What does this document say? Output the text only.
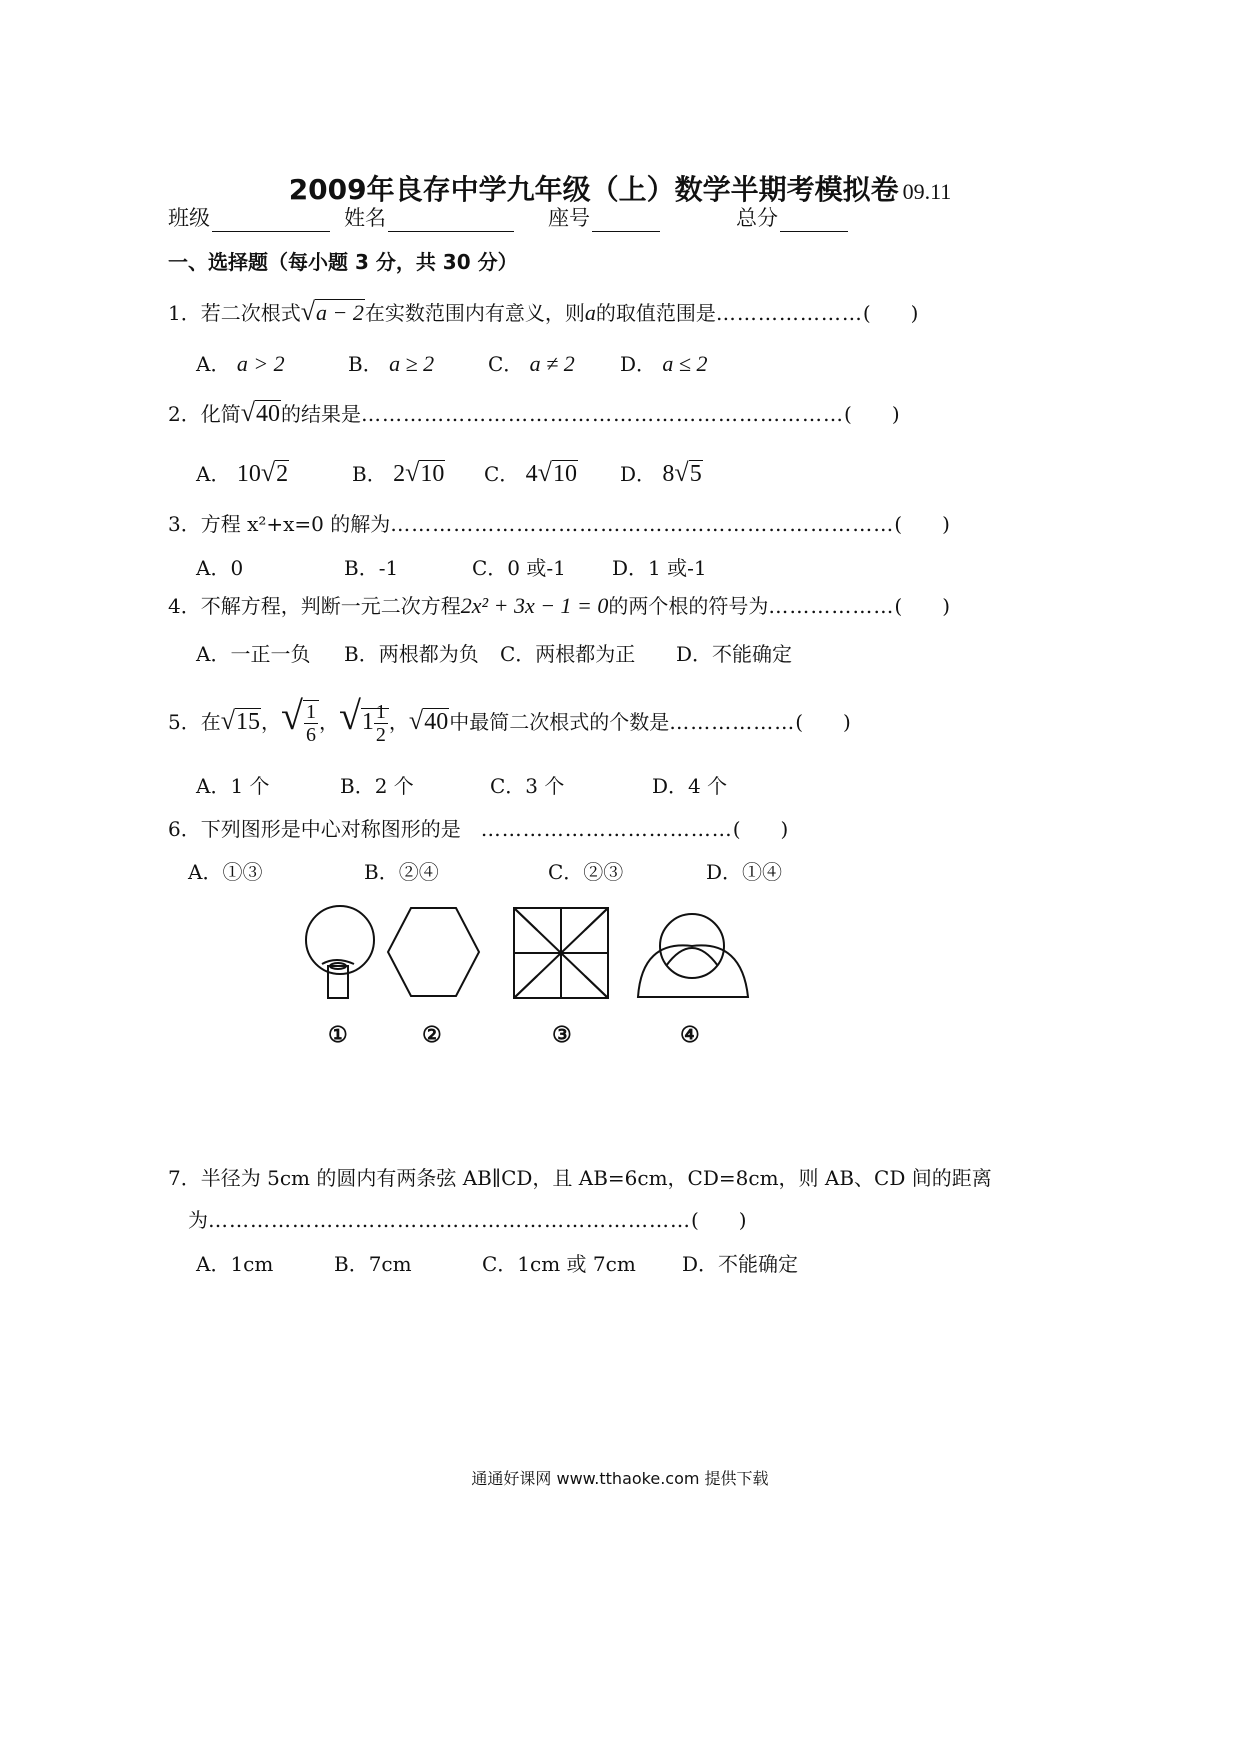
2009年良存中学九年级（上）数学半期考模拟卷 09.11
班级	姓名	座号	总分
一、选择题（每小题 3 分，共 30 分）
1．若二次根式√a − 2在实数范围内有意义，则a的取值范围是…………………(　　)
A． a > 2	B． a ≥ 2	C． a ≠ 2 D． a ≤ 2
2．化简√40的结果是……………………………………………………………(　　)
A． 10√2	B． 2√10 C． 4√10 D． 8√5
3．方程 x²+x=0 的解为………………………………………………………………(　　)
A．0	B．-1	C．0 或-1 D．1 或-1
4．不解方程，判断一元二次方程2x² + 3x − 1 = 0的两个根的符号为………………(　　)
A．一正一负 B．两根都为负 C．两根都为正 D．不能确定
5．在√15，√ $\frac{1}{6}$ ，$√1 \frac{1}{2}$ ，√40中最简二次根式的个数是………………(　　)
A．1 个	B．2 个	C．3 个	D．4 个
6．下列图形是中心对称图形的是　 ………………………………(　　)
A．①③	B．②④	C．②③	D．①④
①	②	③	④
7．半径为 5cm 的圆内有两条弦 AB∥CD，且 AB=6cm，CD=8cm，则 AB、CD 间的距离
为……………………………………………………………(　　)
A．1cm	B．7cm	C．1cm 或 7cm D．不能确定
通通好课网 www.tthaoke.com 提供下载
